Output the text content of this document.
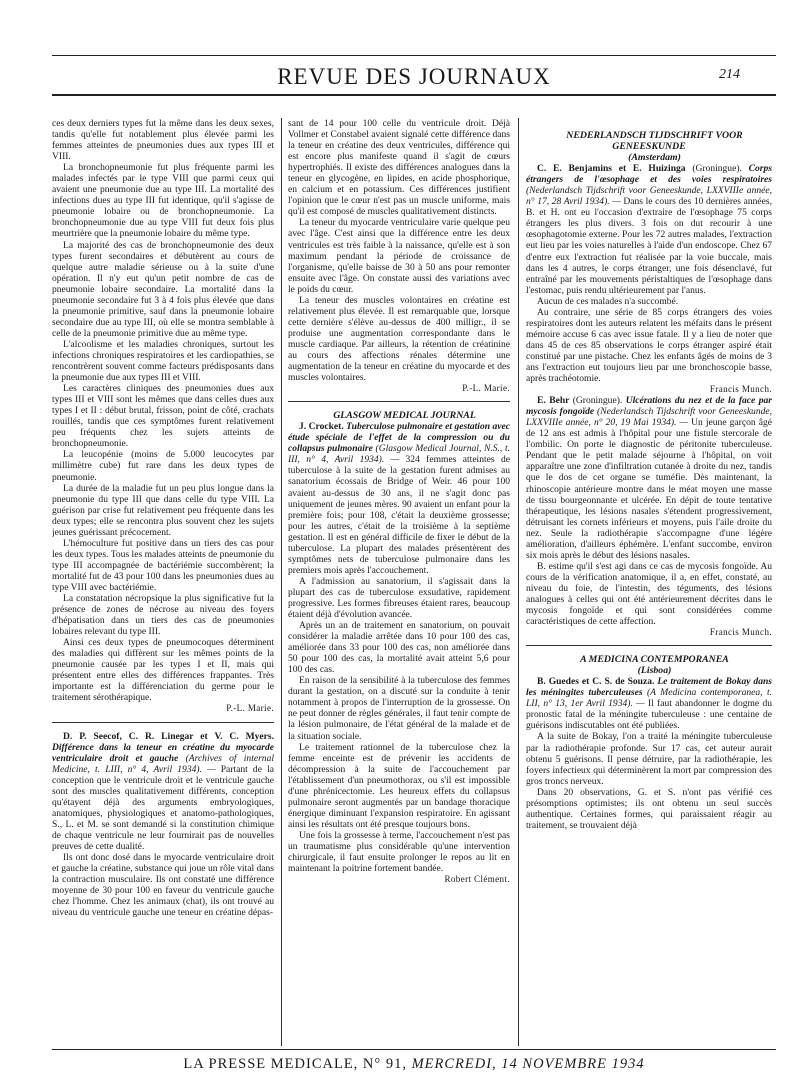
REVUE DES JOURNAUX	214

ces deux derniers types fut la même dans les deux sexes, tandis qu'elle fut notablement plus élevée parmi les femmes atteintes de pneumonies dues aux types III et VIII.

La bronchopneumonie fut plus fréquente parmi les malades infectés par le type VIII que parmi ceux qui avaient une pneumonie due au type III. La mortalité des infections dues au type III fut identique, qu'il s'agisse de pneumonie lobaire ou de bronchopneumonie. La bronchopneumonie due au type VIII fut deux fois plus meurtrière que la pneumonie lobaire du même type.

La majorité des cas de bronchopneumonie des deux types furent secondaires et débutèrent au cours de quelque autre maladie sérieuse ou à la suite d'une opération. Il n'y eut qu'un petit nombre de cas de pneumonie lobaire secondaire. La mortalité dans la pneumonie secondaire fut 3 à 4 fois plus élevée que dans la pneumonie primitive, sauf dans la pneumonie lobaire secondaire due au type III, où elle se montra semblable à celle de la pneumonie primitive due au même type.

L'alcoolisme et les maladies chroniques, surtout les infections chroniques respiratoires et les cardiopathies, se rencontrèrent souvent comme facteurs prédisposants dans la pneumonie due aux types III et VIII.

Les caractères cliniques des pneumonies dues aux types III et VIII sont les mêmes que dans celles dues aux types I et II : début brutal, frisson, point de côté, crachats rouillés, tandis que ces symptômes furent relativement peu fréquents chez les sujets atteints de bronchopneumonie.

La leucopénie (moins de 5.000 leucocytes par millimètre cube) fut rare dans les deux types de pneumonie.

La durée de la maladie fut un peu plus longue dans la pneumonie du type III que dans celle du type VIII. La guérison par crise fut relativement peu fréquente dans les deux types; elle se rencontra plus souvent chez les sujets jeunes guérissant précocement.

L'hémoculture fut positive dans un tiers des cas pour les deux types. Tous les malades atteints de pneumonie du type III accompagnée de bactériémie succombèrent; la mortalité fut de 43 pour 100 dans les pneumonies dues au type VIII avec bactériémie.

La constatation nécropsique la plus significative fut la présence de zones de nécrose au niveau des foyers d'hépatisation dans un tiers des cas de pneumonies lobaires relevant du type III.

Ainsi ces deux types de pneumocoques déterminent des maladies qui diffèrent sur les mêmes points de la pneumonie causée par les types I et II, mais qui présentent entre elles des différences frappantes. Très importante est la différenciation du germe pour le traitement sérothérapique.

P.-L. Marie.

D. P. Seecof, C. R. Linegar et V. C. Myers. Différence dans la teneur en créatine du myocarde ventriculaire droit et gauche (Archives of internal Medicine, t. LIII, n° 4, Avril 1934). — Partant de la conception que le ventricule droit et le ventricule gauche sont des muscles qualitativement différents, conception qu'étayent déjà des arguments embryologiques, anatomiques, physiologiques et anatomo-pathologiques, S., L. et M. se sont demandé si la constitution chimique de chaque ventricule ne leur fournirait pas de nouvelles preuves de cette dualité.

Ils ont donc dosé dans le myocarde ventriculaire droit et gauche la créatine, substance qui joue un rôle vital dans la contraction musculaire. Ils ont constaté une différence moyenne de 30 pour 100 en faveur du ventricule gauche chez l'homme. Chez les animaux (chat), ils ont trouvé au niveau du ventricule gauche une teneur en créatine dépas-

sant de 14 pour 100 celle du ventricule droit. Déjà Vollmer et Constabel avaient signalé cette différence dans la teneur en créatine des deux ventricules, différence qui est encore plus manifeste quand il s'agit de cœurs hypertrophiés. Il existe des différences analogues dans la teneur en glycogène, en lipides, en acide phosphorique, en calcium et en potassium. Ces différences justifient l'opinion que le cœur n'est pas un muscle uniforme, mais qu'il est composé de muscles qualitativement distincts.

La teneur du myocarde ventriculaire varie quelque peu avec l'âge. C'est ainsi que la différence entre les deux ventricules est très faible à la naissance, qu'elle est à son maximum pendant la période de croissance de l'organisme, qu'elle baisse de 30 à 50 ans pour remonter ensuite avec l'âge. On constate aussi des variations avec le poids du cœur.

La teneur des muscles volontaires en créatine est relativement plus élevée. Il est remarquable que, lorsque cette dernière s'élève au-dessus de 400 milligr., il se produise une augmentation correspondante dans le muscle cardiaque. Par ailleurs, la rétention de créatinine au cours des affections rénales détermine une augmentation de la teneur en créatine du myocarde et des muscles volontaires.

P.-L. Marie.

GLASGOW MEDICAL JOURNAL

J. Crocket. Tuberculose pulmonaire et gestation avec étude spéciale de l'effet de la compression ou du collapsus pulmonaire (Glasgow Medical Journal, N.S., t. III, n° 4, Avril 1934). — 324 femmes atteintes de tuberculose à la suite de la gestation furent admises au sanatorium écossais de Bridge of Weir. 46 pour 100 avaient au-dessus de 30 ans, il ne s'agit donc pas uniquement de jeunes mères. 90 avaient un enfant pour la première fois; pour 108, c'était la deuxième grossesse; pour les autres, c'était de la troisième à la septième gestation. Il est en général difficile de fixer le début de la tuberculose. La plupart des malades présentèrent des symptômes nets de tuberculose pulmonaire dans les premiers mois après l'accouchement.

A l'admission au sanatorium, il s'agissait dans la plupart des cas de tuberculose exsudative, rapidement progressive. Les formes fibreuses étaient rares, beaucoup étaient déjà d'évolution avancée.

Après un an de traitement en sanatorium, on pouvait considérer la maladie arrêtée dans 10 pour 100 des cas, améliorée dans 33 pour 100 des cas, non améliorée dans 50 pour 100 des cas, la mortalité avait atteint 5,6 pour 100 des cas.

En raison de la sensibilité à la tuberculose des femmes durant la gestation, on a discuté sur la conduite à tenir notamment à propos de l'interruption de la grossesse. On ne peut donner de règles générales, il faut tenir compte de la lésion pulmonaire, de l'état général de la malade et de la situation sociale.

Le traitement rationnel de la tuberculose chez la femme enceinte est de prévenir les accidents de décompression à la suite de l'accouchement par l'établissement d'un pneumothorax, ou s'il est impossible d'une phrénicectomie. Les heureux effets du collapsus pulmonaire seront augmentés par un bandage thoracique énergique diminuant l'expansion respiratoire. En agissant ainsi les résultats ont été presque toujours bons.

Une fois la grossesse à terme, l'accouchement n'est pas un traumatisme plus considérable qu'une intervention chirurgicale, il faut ensuite prolonger le repos au lit en maintenant la poitrine fortement bandée.

Robert Clément.

NEDERLANDSCH TIJDSCHRIFT VOOR GENEESKUNDE

(Amsterdam)

C. E. Benjamins et E. Huizinga (Groningue). Corps étrangers de l'œsophage et des voies respiratoires (Nederlandsch Tijdschrift voor Geneeskunde, LXXVIIIe année, n° 17, 28 Avril 1934). — Dans le cours des 10 dernières années, B. et H. ont eu l'occasion d'extraire de l'œsophage 75 corps étrangers les plus divers. 3 fois on dut recourir à une œsophagotomie externe. Pour les 72 autres malades, l'extraction eut lieu par les voies naturelles à l'aide d'un endoscope. Chez 67 d'entre eux l'extraction fut réalisée par la voie buccale, mais dans les 4 autres, le corps étranger, une fois désenclavé, fut entraîné par les mouvements péristaltiques de l'œsophage dans l'estomac, puis rendu ultérieurement par l'anus.

Aucun de ces malades n'a succombé.

Au contraire, une série de 85 corps étrangers des voies respiratoires dont les auteurs relatent les méfaits dans le présent mémoire accuse 6 cas avec issue fatale. Il y a lieu de noter que dans 45 de ces 85 observations le corps étranger aspiré était constitué par une pistache. Chez les enfants âgés de moins de 3 ans l'extraction eut toujours lieu par une bronchoscopie basse, après trachéotomie.

Francis Munch.

E. Behr (Groningue). Ulcérations du nez et de la face par mycosis fongoïde (Nederlandsch Tijdschrift voor Geneeskunde, LXXVIIIe année, n° 20, 19 Mai 1934). — Un jeune garçon âgé de 12 ans est admis à l'hôpital pour une fistule stercorale de l'ombilic. On porte le diagnostic de péritonite tuberculeuse. Pendant que le petit malade séjourne à l'hôpital, on voit apparaître une zone d'infiltration cutanée à droite du nez, tandis que le dos de cet organe se tuméfie. Dès maintenant, la rhinoscopie antérieure montre dans le méat moyen une masse de tissu bourgeonnante et ulcérée. En dépit de toute tentative thérapeutique, les lésions nasales s'étendent progressivement, détruisant les cornets inférieurs et moyens, puis l'aile droite du nez. Seule la radiothérapie s'accompagne d'une légère amélioration, d'ailleurs éphémère. L'enfant succombe, environ six mois après le début des lésions nasales.

B. estime qu'il s'est agi dans ce cas de mycosis fongoïde. Au cours de la vérification anatomique, il a, en effet, constaté, au niveau du foie, de l'intestin, des téguments, des lésions analogues à celles qui ont été antérieurement décrites dans le mycosis fongoïde et qui sont considérées comme caractéristiques de cette affection.

Francis Munch.

A MEDICINA CONTEMPORANEA

(Lisboa)

B. Guedes et C. S. de Souza. Le traitement de Bokay dans les méningites tuberculeuses (A Medicina contemporanea, t. LII, n° 13, 1er Avril 1934). — Il faut abandonner le dogme du pronostic fatal de la méningite tuberculeuse : une centaine de guérisons indiscutables ont été publiées.

A la suite de Bokay, l'on a traité la méningite tuberculeuse par la radiothérapie profonde. Sur 17 cas, cet auteur aurait obtenu 5 guérisons. Il pense détruire, par la radiothérapie, les foyers infectieux qui déterminèrent la mort par compression des gros troncs nerveux.

Dans 20 observations, G. et S. n'ont pas vérifié ces présomptions optimistes; ils ont obtenu un seul succès authentique. Certaines formes, qui paraissaient réagir au traitement, se trouvaient déjà

LA PRESSE MEDICALE, N° 91, MERCREDI, 14 NOVEMBRE 1934
